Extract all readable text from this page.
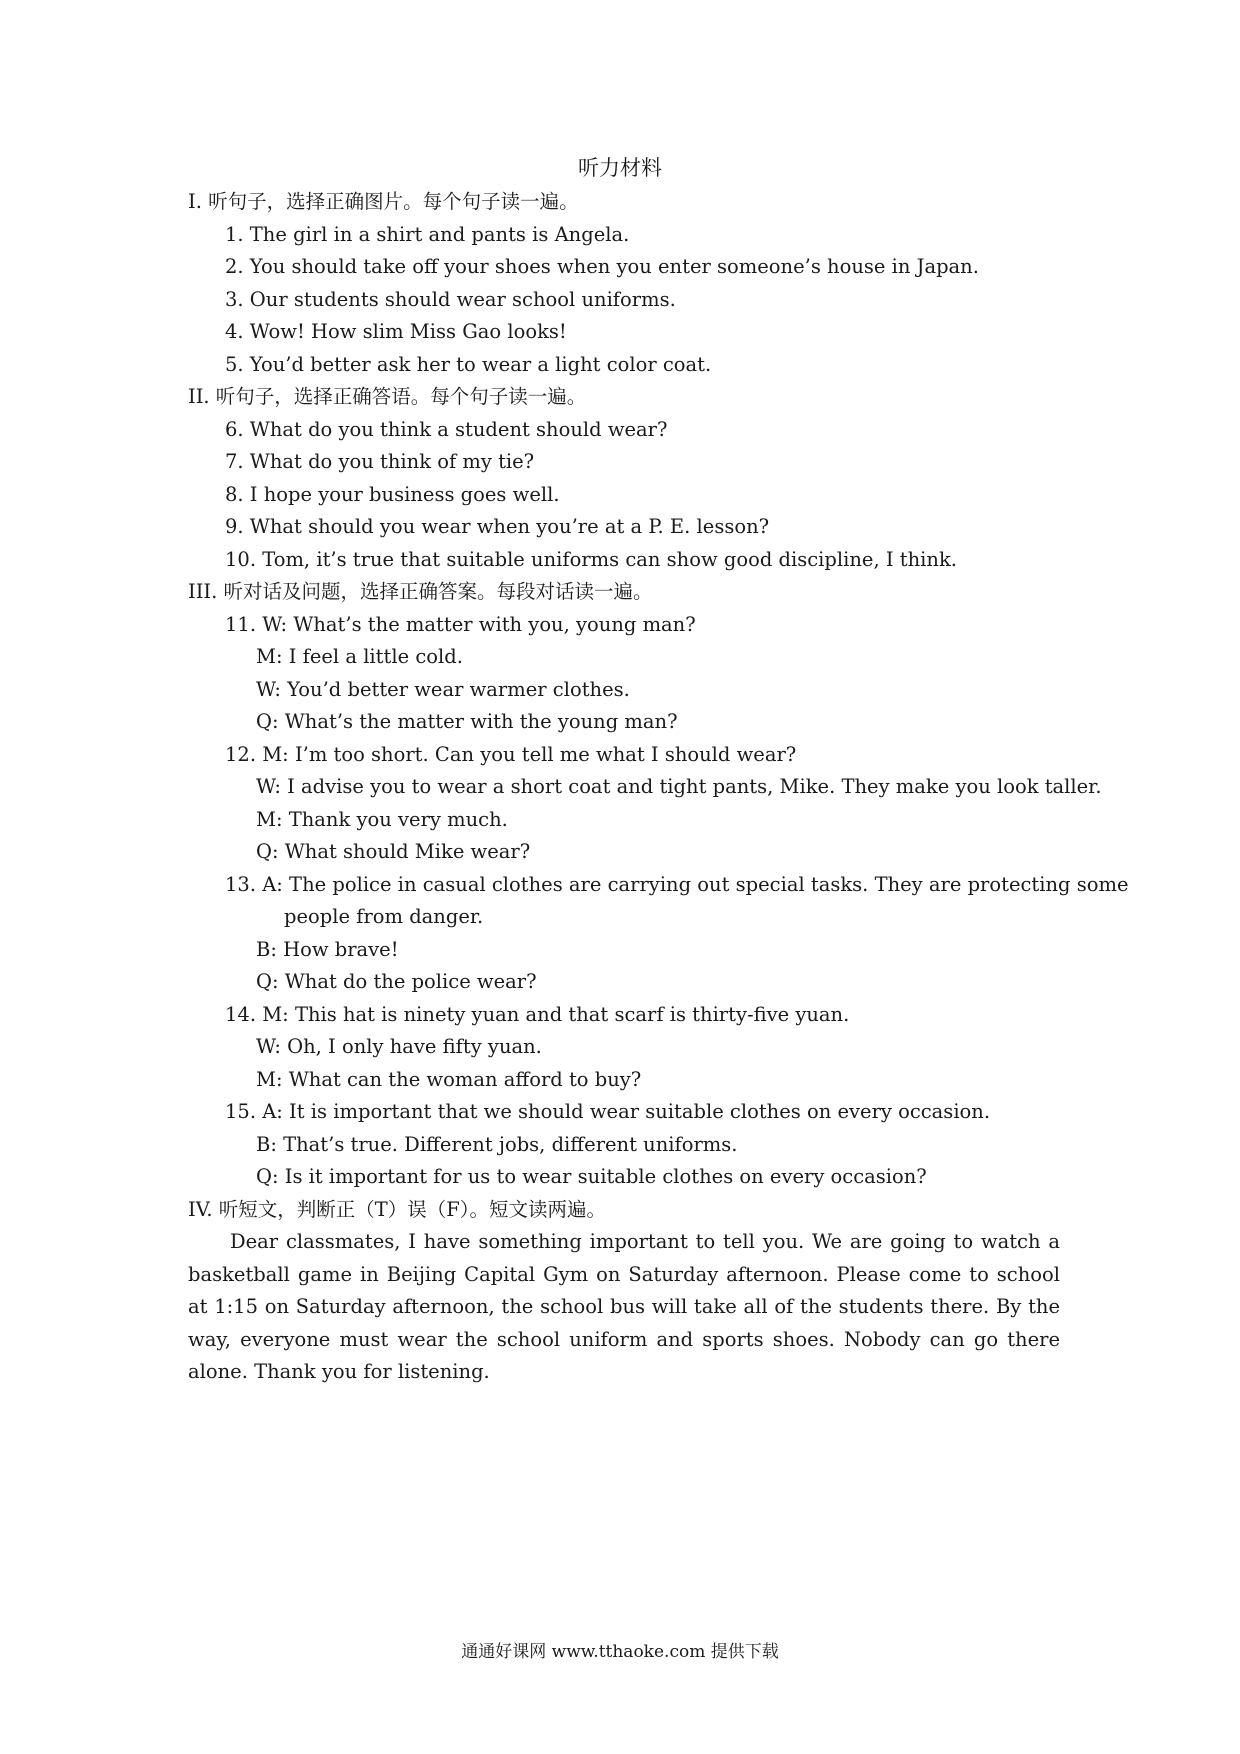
听力材料
I. 听句子，选择正确图片。每个句子读一遍。
1. The girl in a shirt and pants is Angela.
2. You should take off your shoes when you enter someone’s house in Japan.
3. Our students should wear school uniforms.
4. Wow! How slim Miss Gao looks!
5. You’d better ask her to wear a light color coat.
II. 听句子，选择正确答语。每个句子读一遍。
6. What do you think a student should wear?
7. What do you think of my tie?
8. I hope your business goes well.
9. What should you wear when you’re at a P. E. lesson?
10. Tom, it’s true that suitable uniforms can show good discipline, I think.
III. 听对话及问题，选择正确答案。每段对话读一遍。
11. W: What’s the matter with you, young man?
M: I feel a little cold.
W: You’d better wear warmer clothes.
Q: What’s the matter with the young man?
12. M: I’m too short. Can you tell me what I should wear?
W: I advise you to wear a short coat and tight pants, Mike. They make you look taller.
M: Thank you very much.
Q: What should Mike wear?
13. A: The police in casual clothes are carrying out special tasks. They are protecting some
people from danger.
B: How brave!
Q: What do the police wear?
14. M: This hat is ninety yuan and that scarf is thirty-five yuan.
W: Oh, I only have fifty yuan.
M: What can the woman afford to buy?
15. A: It is important that we should wear suitable clothes on every occasion.
B: That’s true. Different jobs, different uniforms.
Q: Is it important for us to wear suitable clothes on every occasion?
IV. 听短文，判断正（T）误（F）。短文读两遍。
Dear classmates, I have something important to tell you. We are going to watch a basketball game in Beijing Capital Gym on Saturday afternoon. Please come to school at 1:15 on Saturday afternoon, the school bus will take all of the students there. By the way, everyone must wear the school uniform and sports shoes. Nobody can go there alone. Thank you for listening.
通通好课网 www.tthaoke.com 提供下载
